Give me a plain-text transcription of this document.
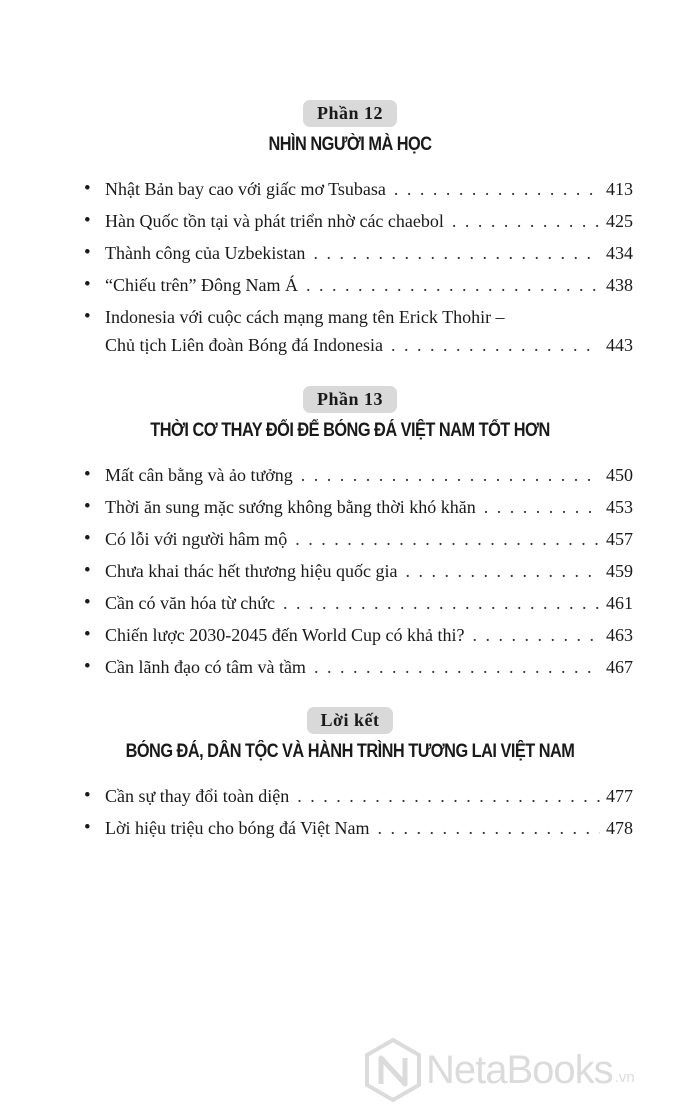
Phần 12
NHÌN NGƯỜI MÀ HỌC
• Nhật Bản bay cao với giấc mơ Tsubasa . . .	413
• Hàn Quốc tồn tại và phát triển nhờ các chaebol . . .	425
• Thành công của Uzbekistan . . .	434
• “Chiếu trên” Đông Nam Á . . .	438
• Indonesia với cuộc cách mạng mang tên Erick Thohir –
Chủ tịch Liên đoàn Bóng đá Indonesia . . .	443
Phần 13
THỜI CƠ THAY ĐỔI ĐỂ BÓNG ĐÁ VIỆT NAM TỐT HƠN
• Mất cân bằng và ảo tưởng . . .	450
• Thời ăn sung mặc sướng không bằng thời khó khăn . . .	453
• Có lỗi với người hâm mộ . . .	457
• Chưa khai thác hết thương hiệu quốc gia . . .	459
• Cần có văn hóa từ chức . . .	461
• Chiến lược 2030-2045 đến World Cup có khả thi? . . .	463
• Cần lãnh đạo có tâm và tầm . . .	467
Lời kết
BÓNG ĐÁ, DÂN TỘC VÀ HÀNH TRÌNH TƯƠNG LAI VIỆT NAM
• Cần sự thay đổi toàn diện . . .	477
• Lời hiệu triệu cho bóng đá Việt Nam . . .	478
NetaBooks .vn
